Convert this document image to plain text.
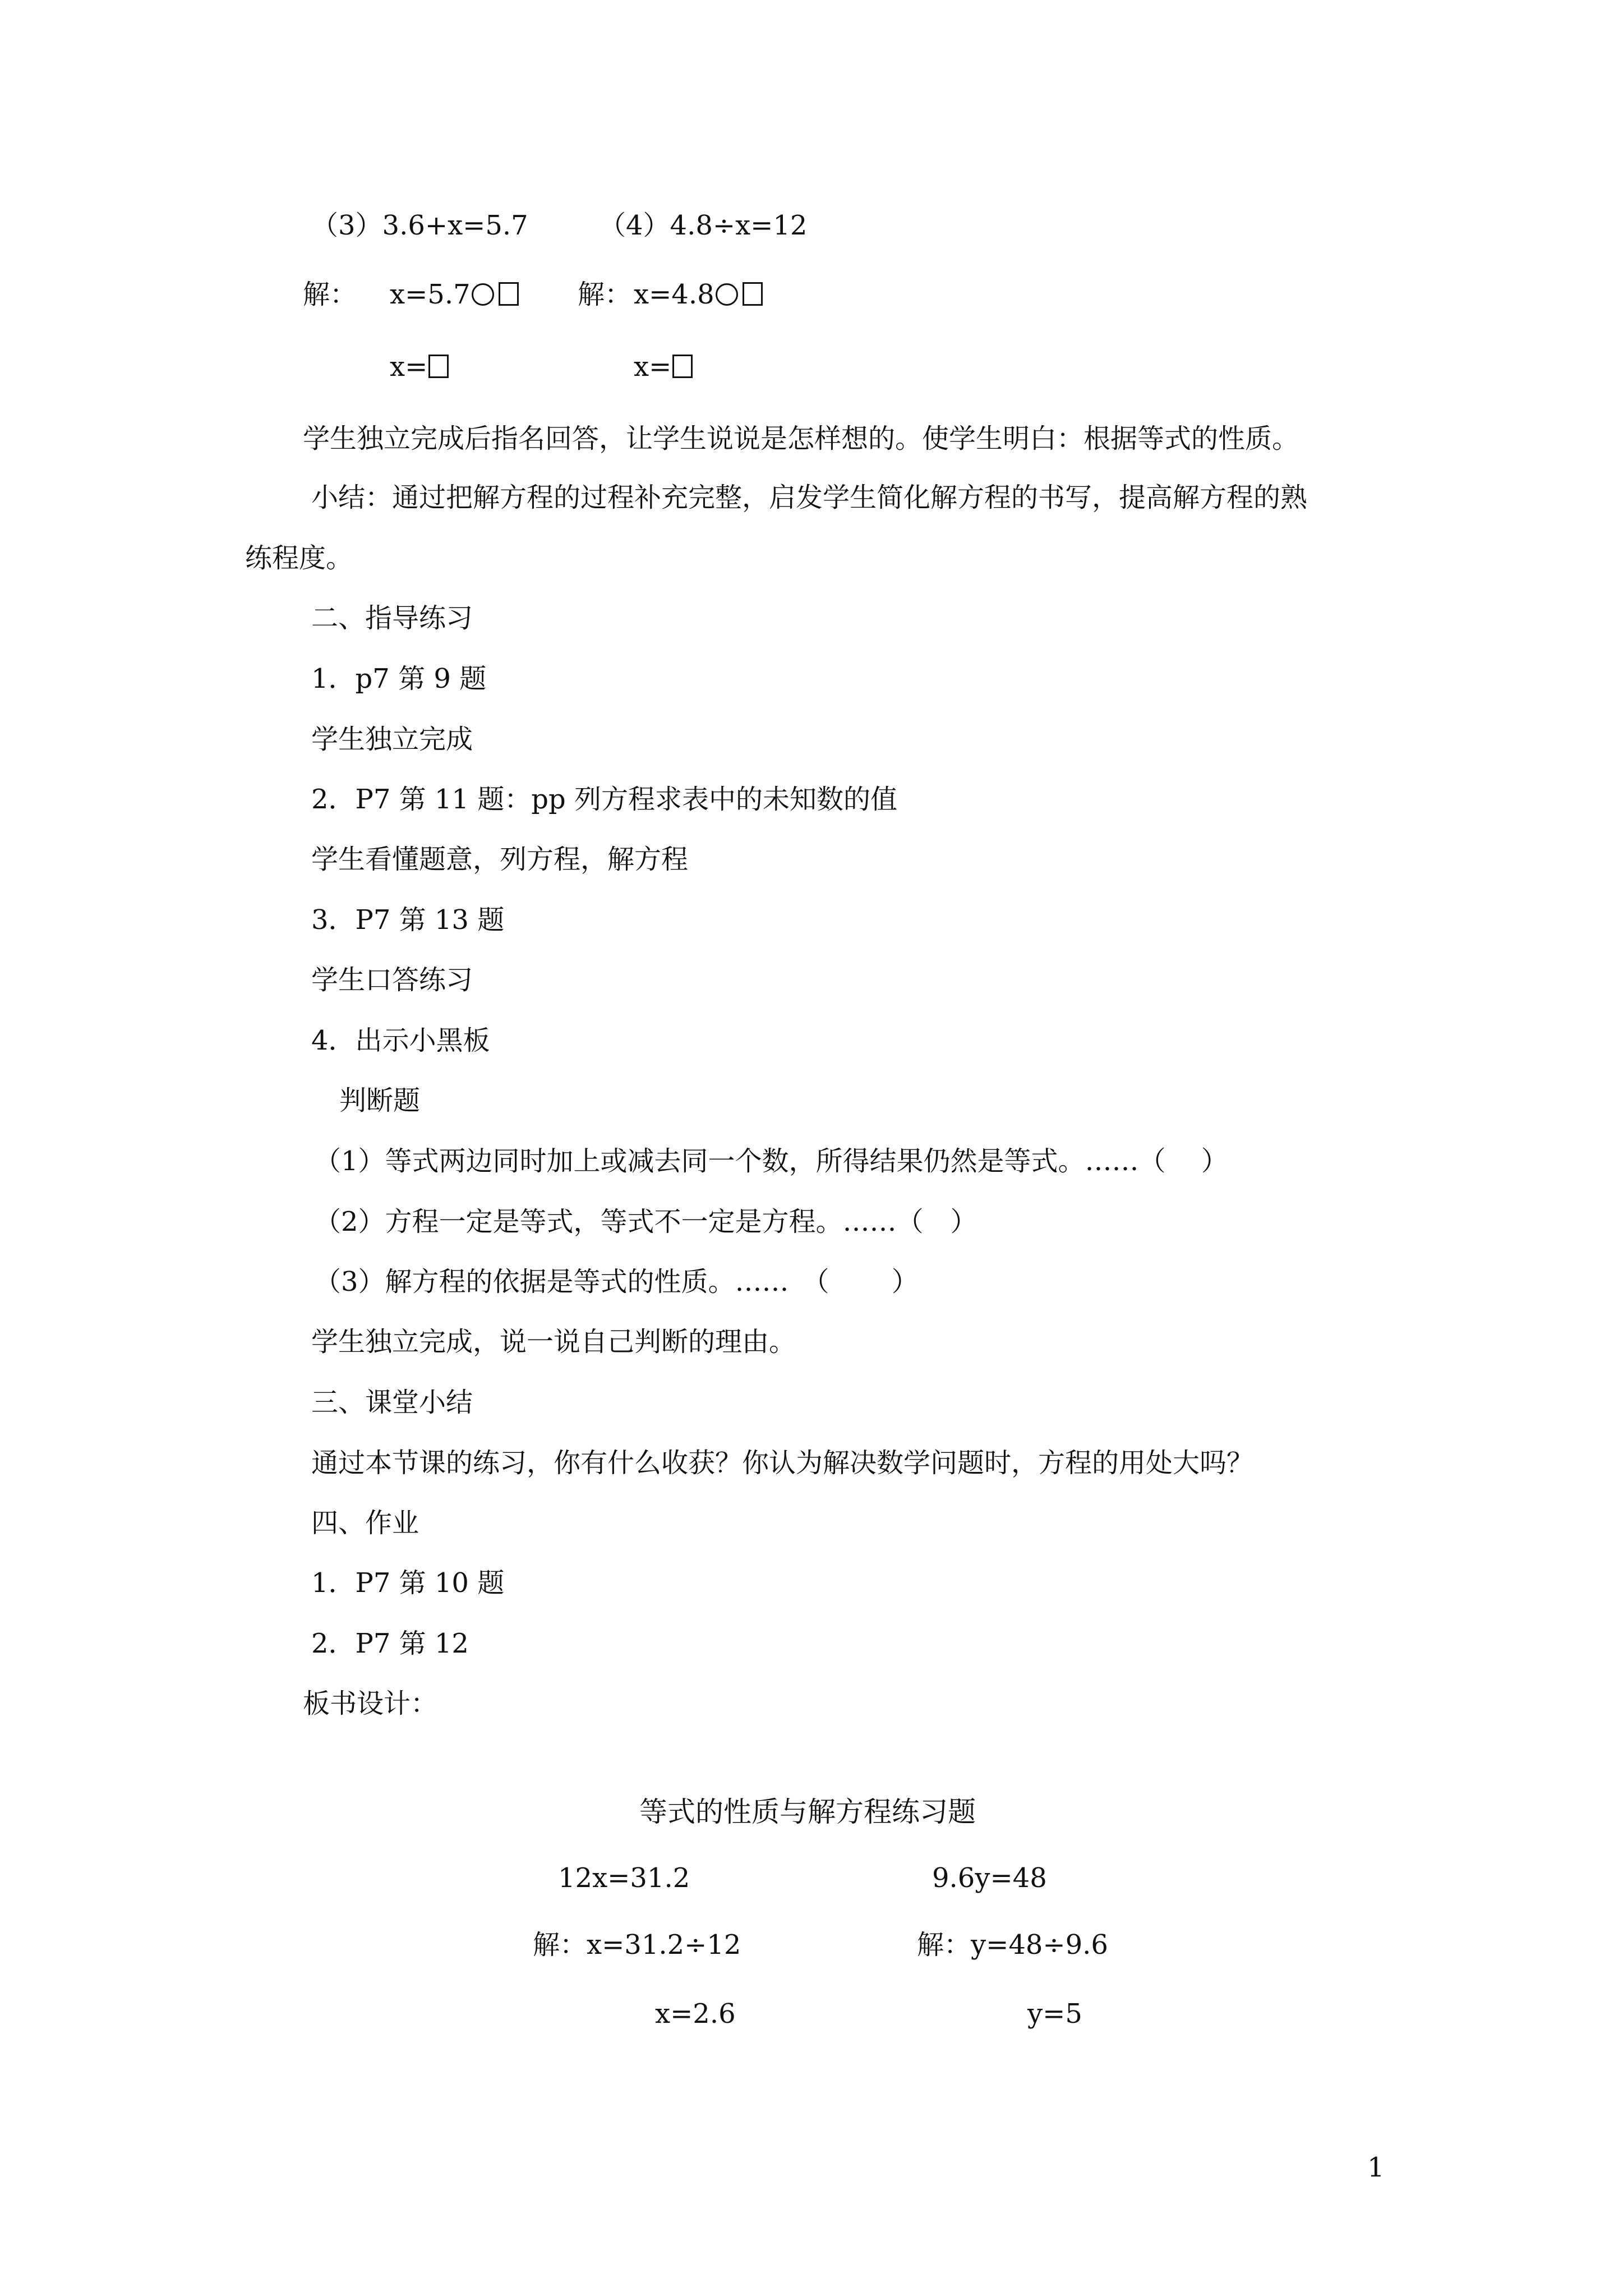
（3）3.6+x=5.7	（4）4.8÷x=12
解： x=5.7	解： x=4.8
x=	x=
学生独立完成后指名回答，让学生说说是怎样想的。使学生明白：根据等式的性质。
小结：通过把解方程的过程补充完整，启发学生简化解方程的书写，提高解方程的熟
练程度。
二、指导练习
1．p7 第 9 题
学生独立完成
2．P7 第 11 题：pp 列方程求表中的未知数的值
学生看懂题意，列方程，解方程
3．P7 第 13 题
学生口答练习
4．出示小黑板
判断题
（1）等式两边同时加上或减去同一个数，所得结果仍然是等式。……（　 ）
（2）方程一定是等式，等式不一定是方程。……（　）
（3）解方程的依据是等式的性质。……　（　　 ）
学生独立完成，说一说自己判断的理由。
三、课堂小结
通过本节课的练习，你有什么收获？你认为解决数学问题时，方程的用处大吗？
四、作业
1．P7 第 10 题
2．P7 第 12
板书设计：
等式的性质与解方程练习题
12x=31.2	9.6y=48
解：x=31.2÷12	解：y=48÷9.6
x=2.6	y=5
1
